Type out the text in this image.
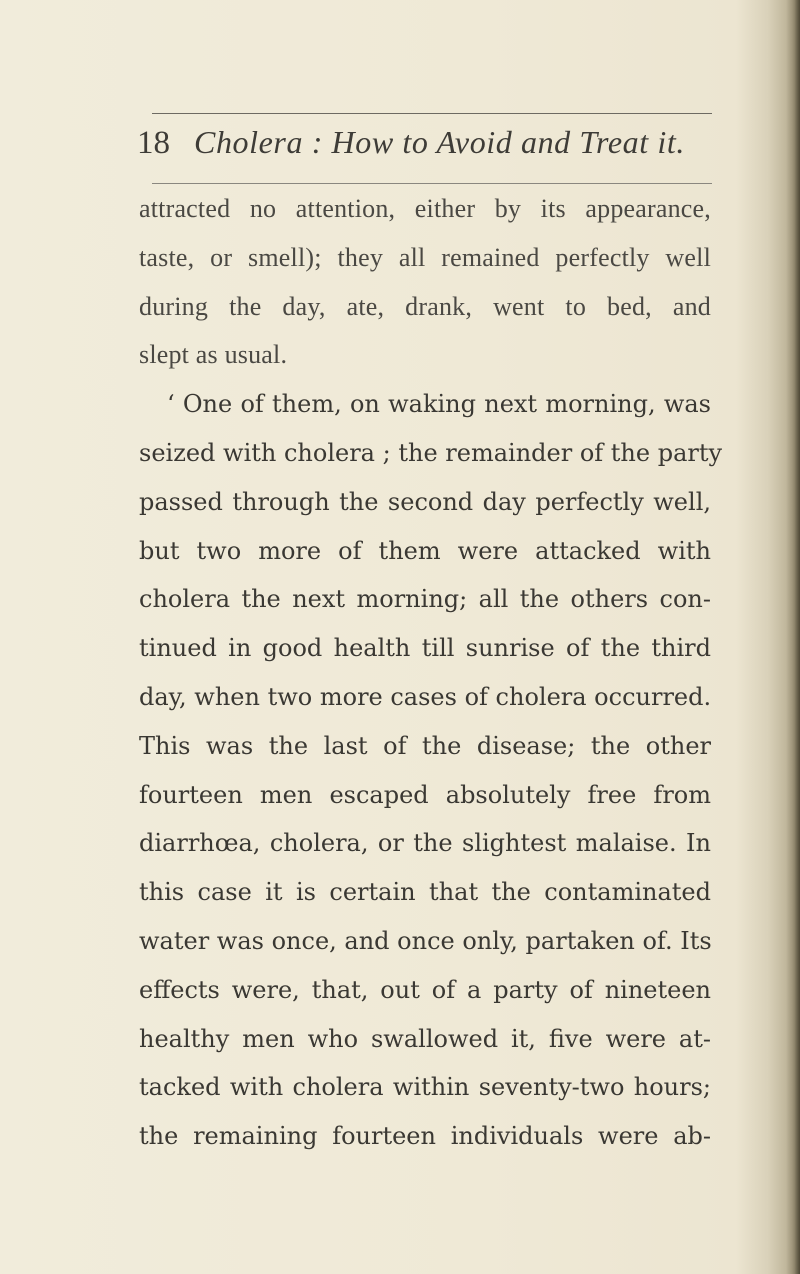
18 Cholera : How to Avoid and Treat it.
attracted no attention, either by its appearance,
taste, or smell); they all remained perfectly well
during the day, ate, drank, went to bed, and
slept as usual.
‘ One of them, on waking next morning, was
seized with cholera ; the remainder of the party
passed through the second day perfectly well,
but two more of them were attacked with
cholera the next morning; all the others con-
tinued in good health till sunrise of the third
day, when two more cases of cholera occurred.
This was the last of the disease; the other
fourteen men escaped absolutely free from
diarrhœa, cholera, or the slightest malaise. In
this case it is certain that the contaminated
water was once, and once only, partaken of. Its
effects were, that, out of a party of nineteen
healthy men who swallowed it, five were at-
tacked with cholera within seventy-two hours;
the remaining fourteen individuals were ab-
